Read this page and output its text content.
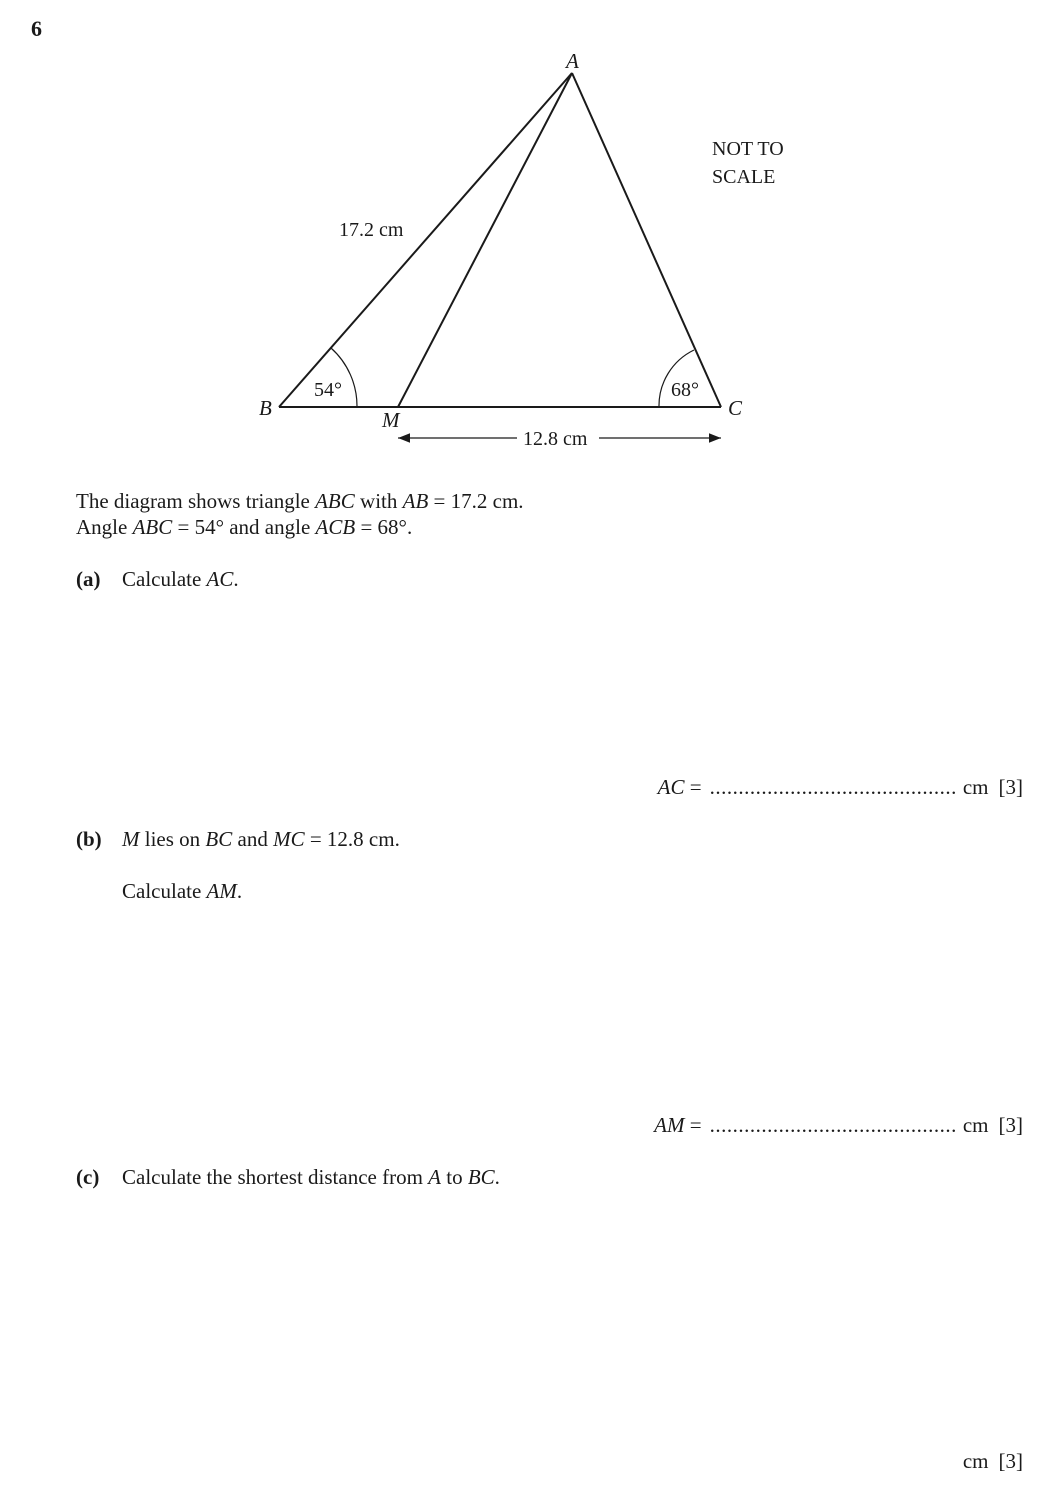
6
A
B	C
M
17.2 cm
12.8 cm
54°	68°
NOT TO
SCALE
The diagram shows triangle ABC with AB = 17.2 cm.
Angle ABC = 54° and angle ACB = 68°.
(a) Calculate AC.
AC = ........................................... cm [3]
(b) M lies on BC and MC = 12.8 cm.
Calculate AM.
AM = ........................................... cm [3]
(c) Calculate the shortest distance from A to BC.
cm [3]
